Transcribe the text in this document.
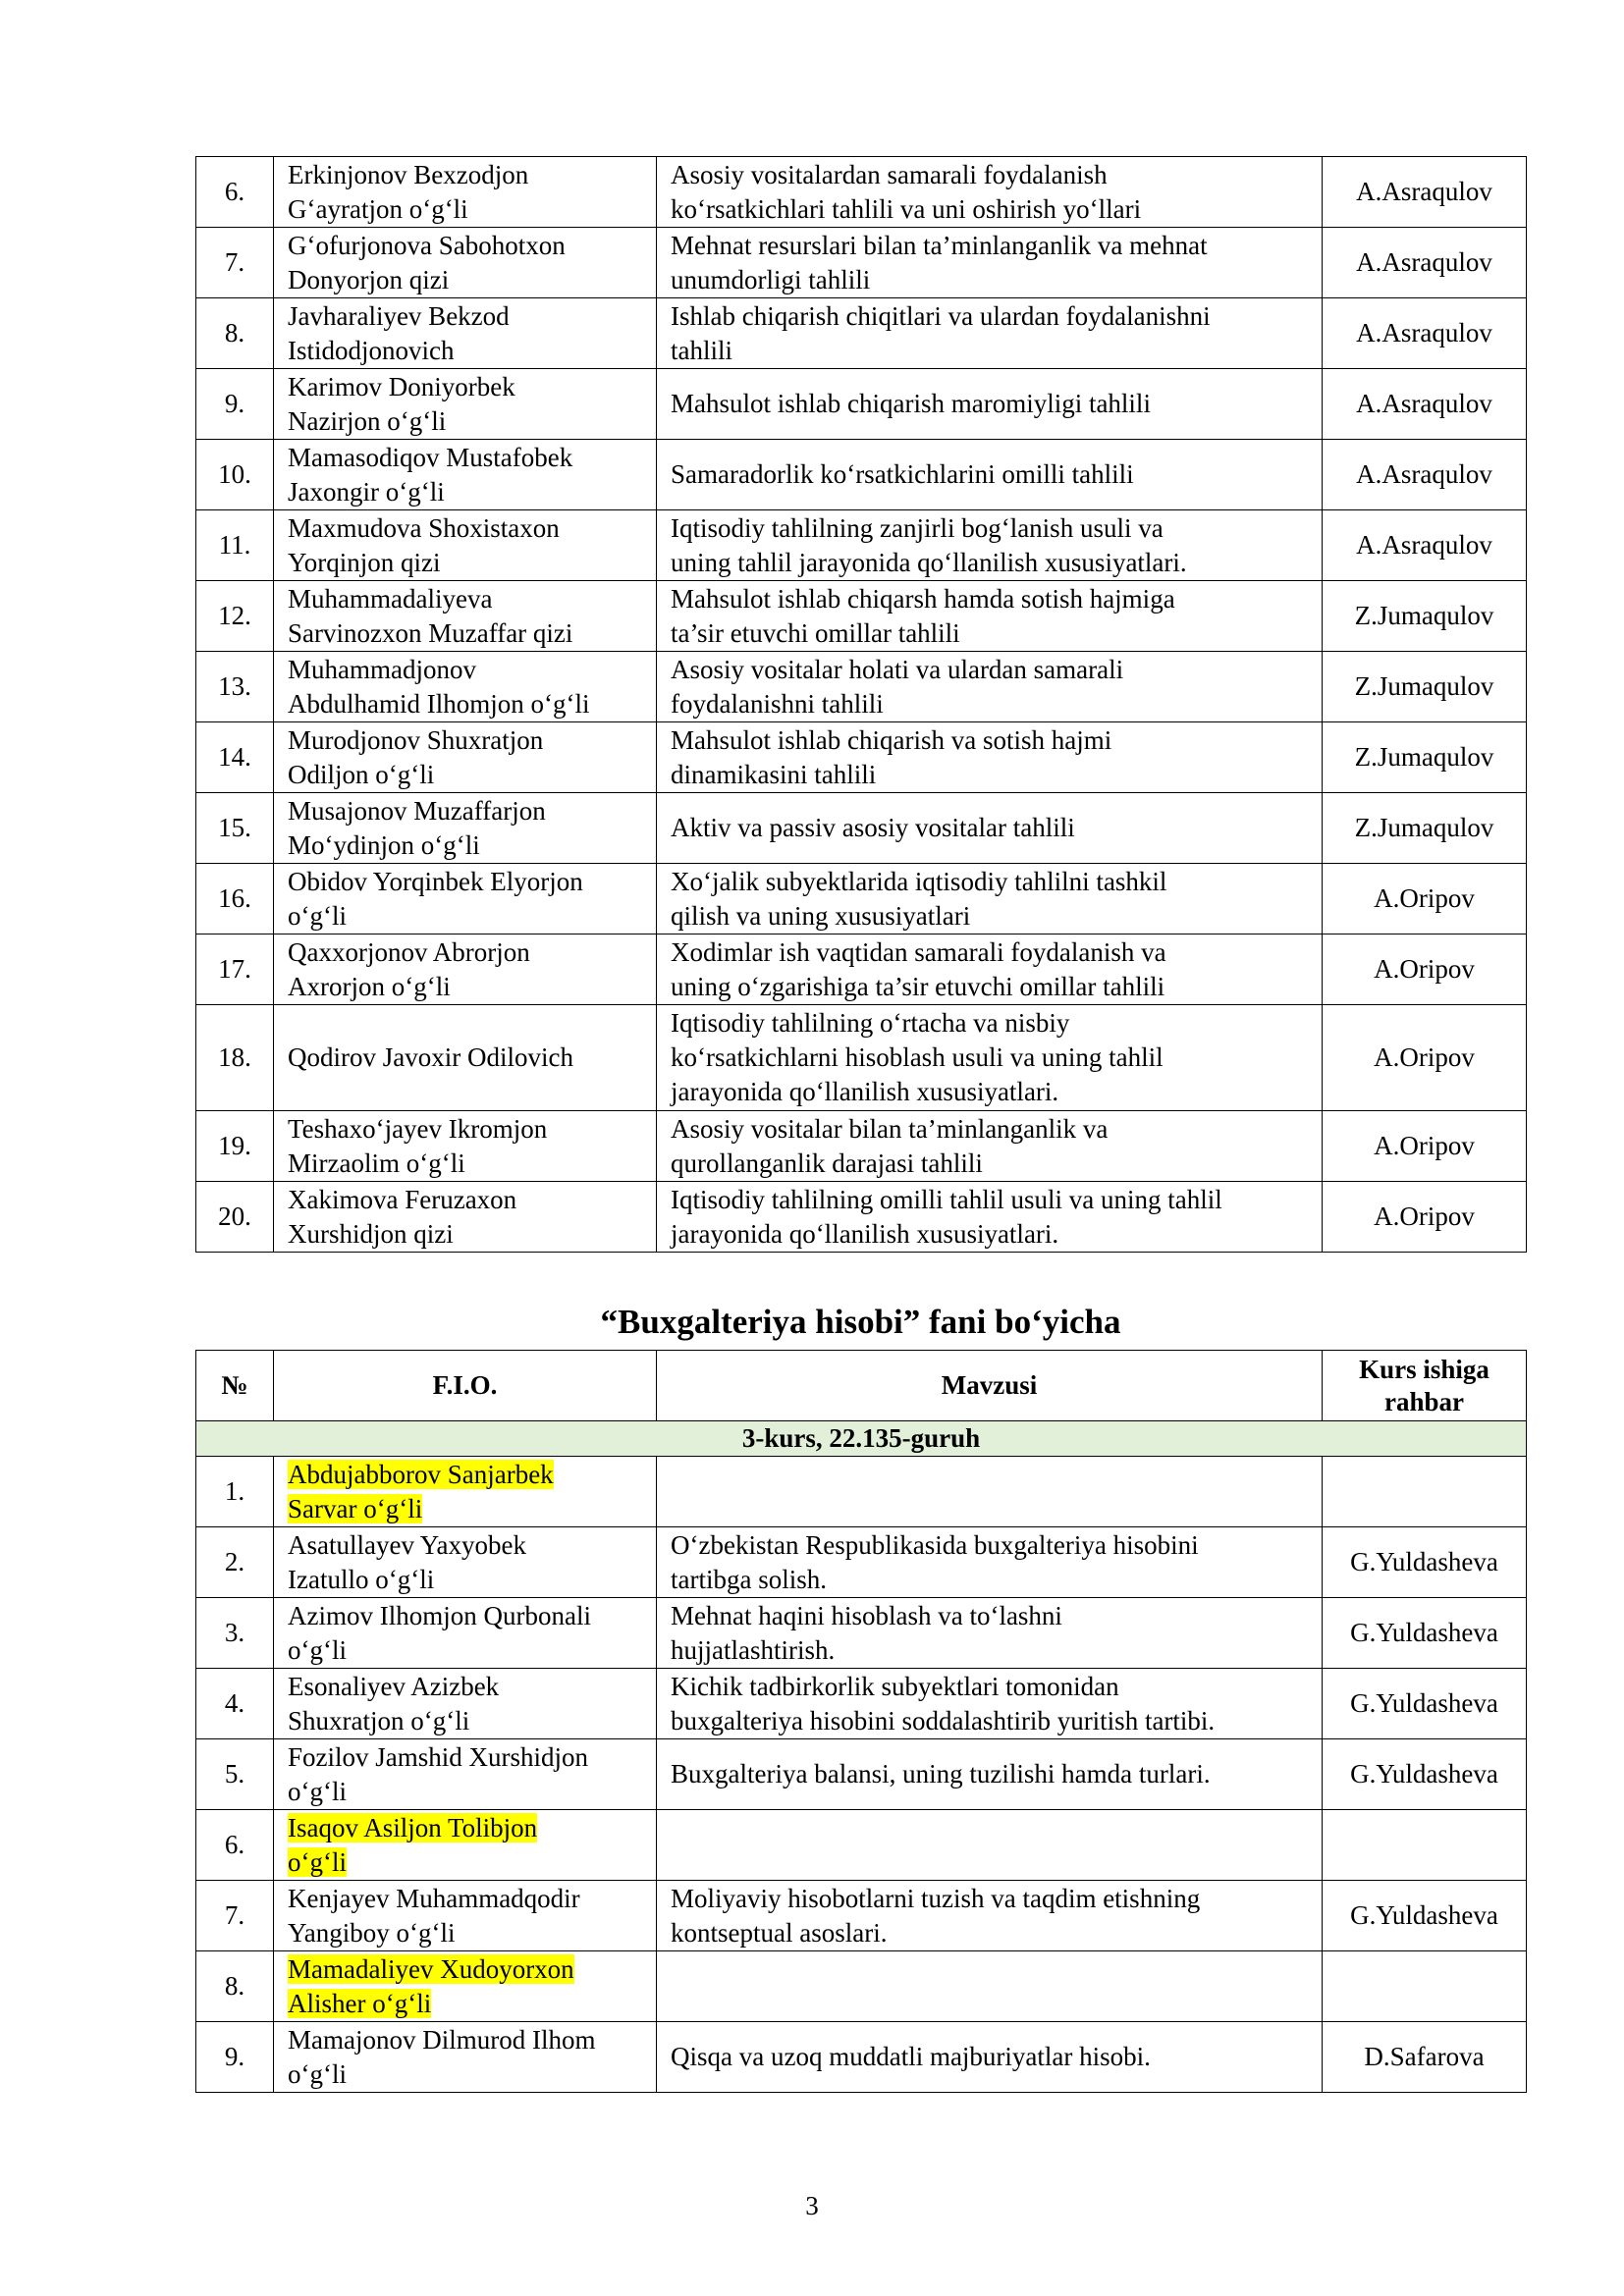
6.	Erkinjonov Bexzodjon
G‘ayratjon o‘g‘li	Asosiy vositalardan samarali foydalanish
ko‘rsatkichlari tahlili va uni oshirish yo‘llari	A.Asraqulov
7.	G‘ofurjonova Sabohotxon
Donyorjon qizi	Mehnat resurslari bilan ta’minlanganlik va mehnat
unumdorligi tahlili	A.Asraqulov
8.	Javharaliyev Bekzod
Istidodjonovich	Ishlab chiqarish chiqitlari va ulardan foydalanishni
tahlili	A.Asraqulov
9.	Karimov Doniyorbek
Nazirjon o‘g‘li	Mahsulot ishlab chiqarish maromiyligi tahlili	A.Asraqulov
10.	Mamasodiqov Mustafobek
Jaxongir o‘g‘li	Samaradorlik ko‘rsatkichlarini omilli tahlili	A.Asraqulov
11.	Maxmudova Shoxistaxon
Yorqinjon qizi	Iqtisodiy tahlilning zanjirli bog‘lanish usuli va
uning tahlil jarayonida qo‘llanilish xususiyatlari.	A.Asraqulov
12.	Muhammadaliyeva
Sarvinozxon Muzaffar qizi	Mahsulot ishlab chiqarsh hamda sotish hajmiga
ta’sir etuvchi omillar tahlili	Z.Jumaqulov
13.	Muhammadjonov
Abdulhamid Ilhomjon o‘g‘li	Asosiy vositalar holati va ulardan samarali
foydalanishni tahlili	Z.Jumaqulov
14.	Murodjonov Shuxratjon
Odiljon o‘g‘li	Mahsulot ishlab chiqarish va sotish hajmi
dinamikasini tahlili	Z.Jumaqulov
15.	Musajonov Muzaffarjon
Mo‘ydinjon o‘g‘li	Aktiv va passiv asosiy vositalar tahlili	Z.Jumaqulov
16.	Obidov Yorqinbek Elyorjon
o‘g‘li	Xo‘jalik subyektlarida iqtisodiy tahlilni tashkil
qilish va uning xususiyatlari	A.Oripov
17.	Qaxxorjonov Abrorjon
Axrorjon o‘g‘li	Xodimlar ish vaqtidan samarali foydalanish va
uning o‘zgarishiga ta’sir etuvchi omillar tahlili	A.Oripov
18.	Qodirov Javoxir Odilovich	Iqtisodiy tahlilning o‘rtacha va nisbiy
ko‘rsatkichlarni hisoblash usuli va uning tahlil
jarayonida qo‘llanilish xususiyatlari.	A.Oripov
19.	Teshaxo‘jayev Ikromjon
Mirzaolim o‘g‘li	Asosiy vositalar bilan ta’minlanganlik va
qurollanganlik darajasi tahlili	A.Oripov
20.	Xakimova Feruzaxon
Xurshidjon qizi	Iqtisodiy tahlilning omilli tahlil usuli va uning tahlil
jarayonida qo‘llanilish xususiyatlari.	A.Oripov
“Buxgalteriya hisobi” fani bo‘yicha
№	F.I.O.	Mavzusi	Kurs ishiga rahbar
3-kurs, 22.135-guruh			
1.	Abdujabborov Sanjarbek
Sarvar o‘g‘li		
2.	Asatullayev Yaxyobek
Izatullo o‘g‘li	O‘zbekistan Respublikasida buxgalteriya hisobini
tartibga solish.	G.Yuldasheva
3.	Azimov Ilhomjon Qurbonali
o‘g‘li	Mehnat haqini hisoblash va to‘lashni
hujjatlashtirish.	G.Yuldasheva
4.	Esonaliyev Azizbek
Shuxratjon o‘g‘li	Kichik tadbirkorlik subyektlari tomonidan
buxgalteriya hisobini soddalashtirib yuritish tartibi.	G.Yuldasheva
5.	Fozilov Jamshid Xurshidjon
o‘g‘li	Buxgalteriya balansi, uning tuzilishi hamda turlari.	G.Yuldasheva
6.	Isaqov Asiljon Tolibjon
o‘g‘li		
7.	Kenjayev Muhammadqodir
Yangiboy o‘g‘li	Moliyaviy hisobotlarni tuzish va taqdim etishning
kontseptual asoslari.	G.Yuldasheva
8.	Mamadaliyev Xudoyorxon
Alisher o‘g‘li		
9.	Mamajonov Dilmurod Ilhom
o‘g‘li	Qisqa va uzoq muddatli majburiyatlar hisobi.	D.Safarova
3
